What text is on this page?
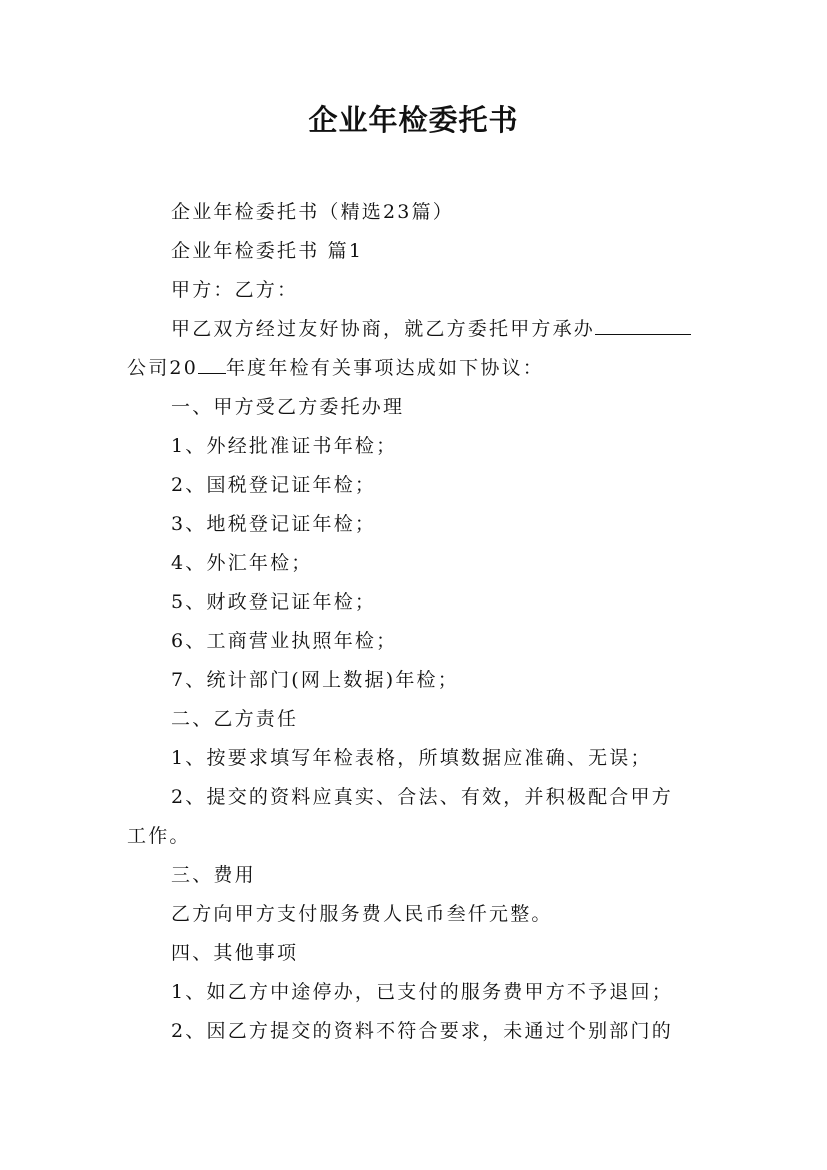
企业年检委托书

企业年检委托书（精选23篇）

企业年检委托书 篇1

甲方：乙方：

甲乙双方经过友好协商，就乙方委托甲方承办

公司20 年度年检有关事项达成如下协议：

一、甲方受乙方委托办理

1、外经批准证书年检；

2、国税登记证年检；

3、地税登记证年检；

4、外汇年检；

5、财政登记证年检；

6、工商营业执照年检；

7、统计部门(网上数据)年检；

二、乙方责任

1、按要求填写年检表格，所填数据应准确、无误；

2、提交的资料应真实、合法、有效，并积极配合甲方

工作。

三、费用

乙方向甲方支付服务费人民币叁仟元整。

四、其他事项

1、如乙方中途停办，已支付的服务费甲方不予退回；

2、因乙方提交的资料不符合要求，未通过个别部门的
